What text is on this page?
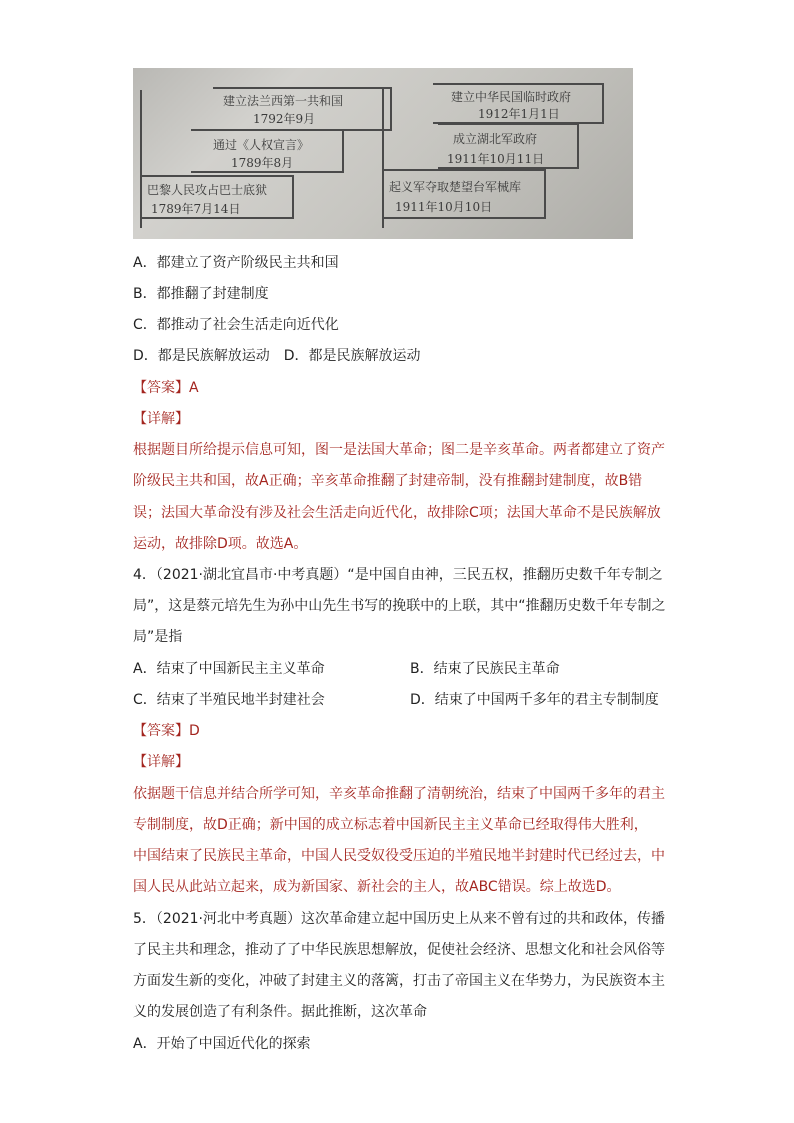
建立法兰西第一共和国
1792年9月
通过《人权宣言》
1789年8月
巴黎人民攻占巴士底狱
1789年7月14日
建立中华民国临时政府
1912年1月1日
成立湖北军政府
1911年10月11日
起义军夺取楚望台军械库
1911年10月10日
A．都建立了资产阶级民主共和国
B．都推翻了封建制度
C．都推动了社会生活走向近代化
D．都是民族解放运动　D．都是民族解放运动
【答案】A
【详解】
根据题目所给提示信息可知，图一是法国大革命；图二是辛亥革命。两者都建立了资产
阶级民主共和国，故A正确；辛亥革命推翻了封建帝制，没有推翻封建制度，故B错
误；法国大革命没有涉及社会生活走向近代化，故排除C项；法国大革命不是民族解放
运动，故排除D项。故选A。
4．（2021·湖北宜昌市·中考真题）“是中国自由神，三民五权，推翻历史数千年专制之
局”，这是蔡元培先生为孙中山先生书写的挽联中的上联，其中“推翻历史数千年专制之
局”是指
A．结束了中国新民主主义革命	B．结束了民族民主革命
C．结束了半殖民地半封建社会	D．结束了中国两千多年的君主专制制度
【答案】D
【详解】
依据题干信息并结合所学可知，辛亥革命推翻了清朝统治，结束了中国两千多年的君主
专制制度，故D正确；新中国的成立标志着中国新民主主义革命已经取得伟大胜利，
中国结束了民族民主革命，中国人民受奴役受压迫的半殖民地半封建时代已经过去，中
国人民从此站立起来，成为新国家、新社会的主人，故ABC错误。综上故选D。
5．（2021·河北中考真题）这次革命建立起中国历史上从来不曾有过的共和政体，传播
了民主共和理念，推动了了中华民族思想解放，促使社会经济、思想文化和社会风俗等
方面发生新的变化，冲破了封建主义的落篱，打击了帝国主义在华势力，为民族资本主
义的发展创造了有利条件。据此推断，这次革命
A．开始了中国近代化的探索
